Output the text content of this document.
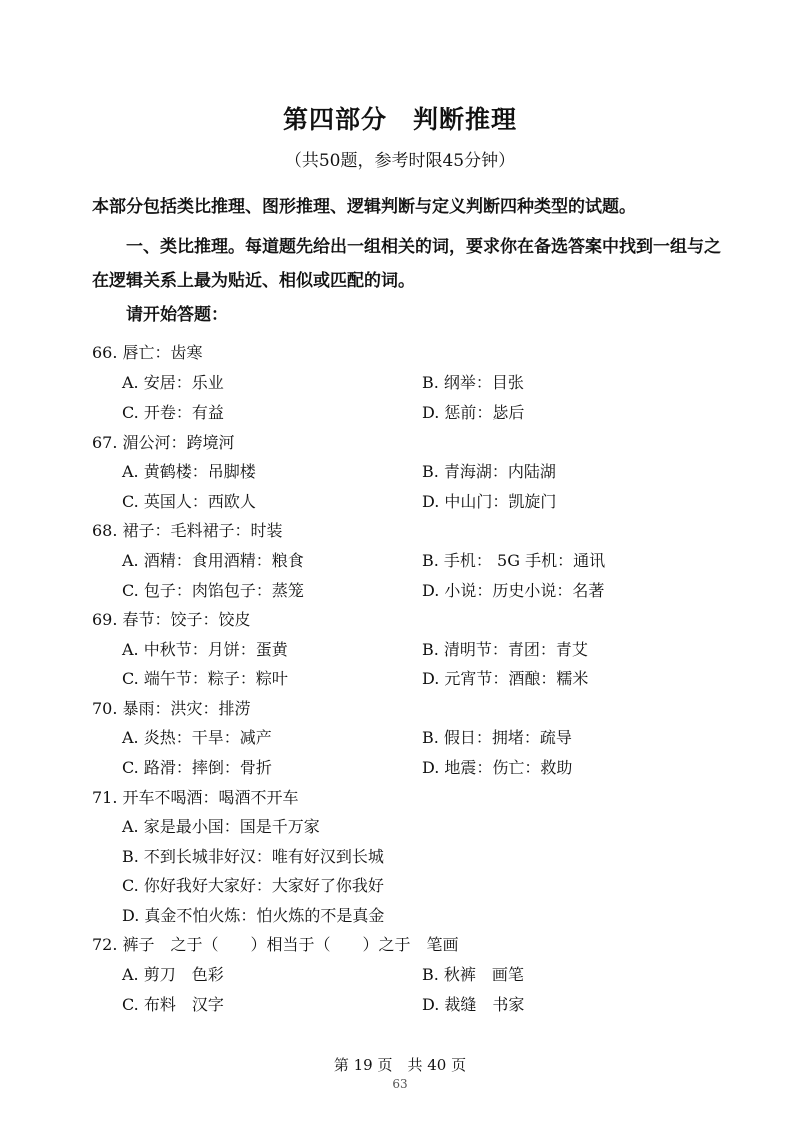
第四部分　判断推理
（共50题，参考时限45分钟）
本部分包括类比推理、图形推理、逻辑判断与定义判断四种类型的试题。
一、类比推理。每道题先给出一组相关的词，要求你在备选答案中找到一组与之在逻辑关系上最为贴近、相似或匹配的词。
请开始答题：
66. 唇亡：齿寒
A. 安居：乐业	B. 纲举：目张
C. 开卷：有益	D. 惩前：毖后
67. 湄公河：跨境河
A. 黄鹤楼：吊脚楼	B. 青海湖：内陆湖
C. 英国人：西欧人	D. 中山门：凯旋门
68. 裙子：毛料裙子：时装
A. 酒精：食用酒精：粮食	B. 手机： 5G 手机：通讯
C. 包子：肉馅包子：蒸笼	D. 小说：历史小说：名著
69. 春节：饺子：饺皮
A. 中秋节：月饼：蛋黄	B. 清明节：青团：青艾
C. 端午节：粽子：粽叶	D. 元宵节：酒酿：糯米
70. 暴雨：洪灾：排涝
A. 炎热：干旱：减产	B. 假日：拥堵：疏导
C. 路滑：摔倒：骨折	D. 地震：伤亡：救助
71. 开车不喝酒：喝酒不开车
A. 家是最小国：国是千万家
B. 不到长城非好汉：唯有好汉到长城
C. 你好我好大家好：大家好了你我好
D. 真金不怕火炼：怕火炼的不是真金
72. 裤子　之于（　　）相当于（　　）之于　笔画
A. 剪刀　色彩	B. 秋裤　画笔
C. 布料　汉字	D. 裁缝　书家
第 19 页　共 40 页
63
